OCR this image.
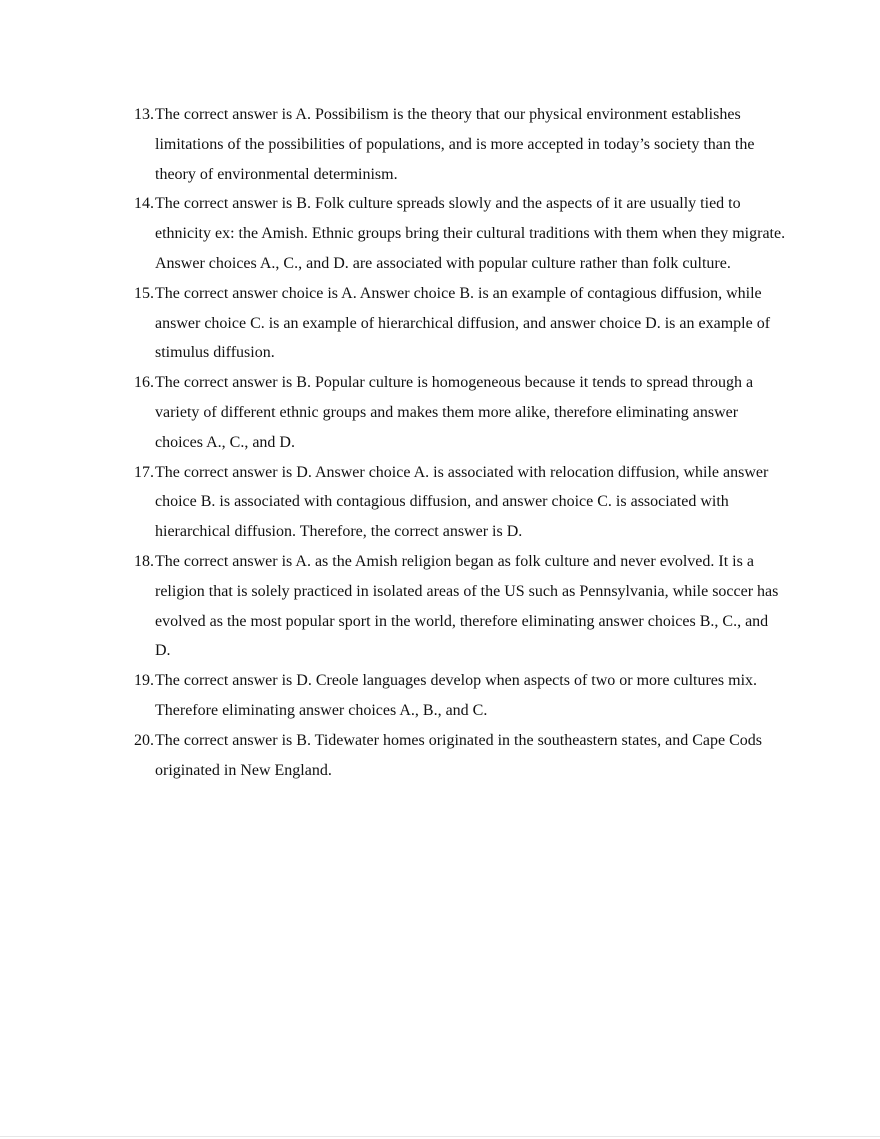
13. The correct answer is A. Possibilism is the theory that our physical environment establishes limitations of the possibilities of populations, and is more accepted in today’s society than the theory of environmental determinism.
14. The correct answer is B. Folk culture spreads slowly and the aspects of it are usually tied to ethnicity ex: the Amish. Ethnic groups bring their cultural traditions with them when they migrate. Answer choices A., C., and D. are associated with popular culture rather than folk culture.
15. The correct answer choice is A. Answer choice B. is an example of contagious diffusion, while answer choice C. is an example of hierarchical diffusion, and answer choice D. is an example of stimulus diffusion.
16. The correct answer is B. Popular culture is homogeneous because it tends to spread through a variety of different ethnic groups and makes them more alike, therefore eliminating answer choices A., C., and D.
17. The correct answer is D. Answer choice A. is associated with relocation diffusion, while answer choice B. is associated with contagious diffusion, and answer choice C. is associated with hierarchical diffusion. Therefore, the correct answer is D.
18. The correct answer is A. as the Amish religion began as folk culture and never evolved. It is a religion that is solely practiced in isolated areas of the US such as Pennsylvania, while soccer has evolved as the most popular sport in the world, therefore eliminating answer choices B., C., and D.
19. The correct answer is D. Creole languages develop when aspects of two or more cultures mix. Therefore eliminating answer choices A., B., and C.
20. The correct answer is B. Tidewater homes originated in the southeastern states, and Cape Cods originated in New England.
